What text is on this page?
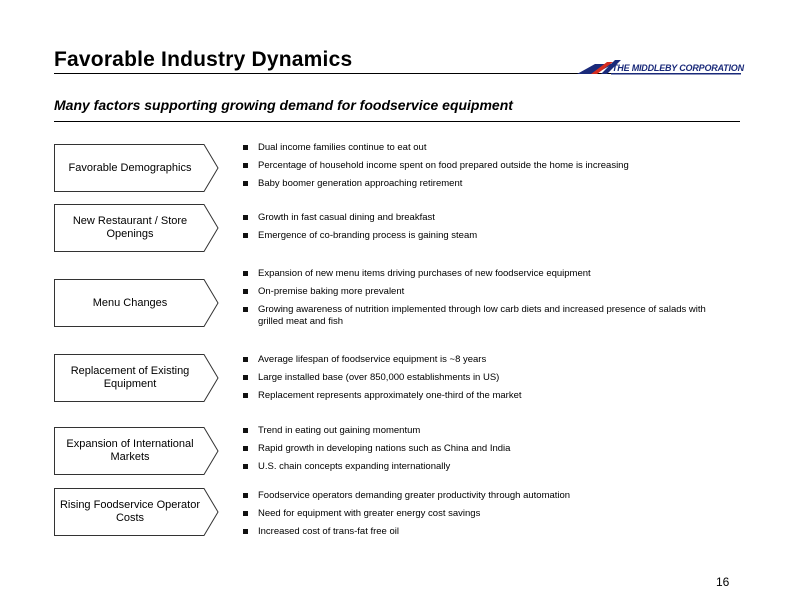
Favorable Industry Dynamics	THE MIDDLEBY CORPORATION
Many factors supporting growing demand for foodservice equipment
Favorable Demographics
Dual income families continue to eat out
Percentage of household income spent on food prepared outside the home is increasing
Baby boomer generation approaching retirement
New Restaurant / Store Openings
Growth in fast casual dining and breakfast
Emergence of co-branding process is gaining steam
Menu Changes
Expansion of new menu items driving purchases of new foodservice equipment
On-premise baking more prevalent
Growing awareness of nutrition implemented through low carb diets and increased presence of salads with grilled meat and fish
Replacement of Existing Equipment
Average lifespan of foodservice equipment is ~8 years
Large installed base (over 850,000 establishments in US)
Replacement represents approximately one-third of the market
Expansion of International Markets
Trend in eating out gaining momentum
Rapid growth in developing nations such as China and India
U.S. chain concepts expanding internationally
Rising Foodservice Operator Costs
Foodservice operators demanding greater productivity through automation
Need for equipment with greater energy cost savings
Increased cost of trans-fat free oil
16
